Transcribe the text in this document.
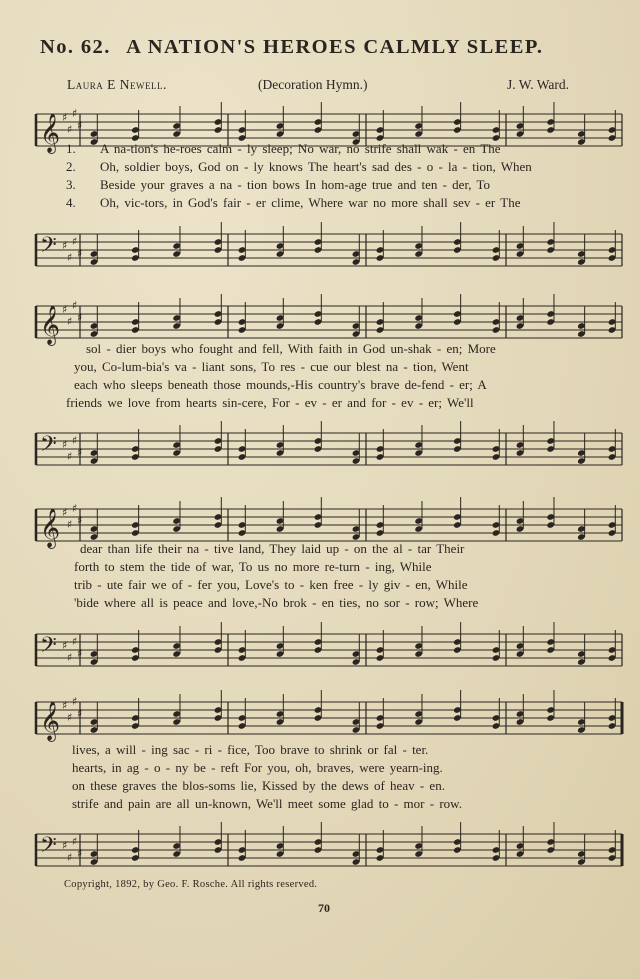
No. 62. A NATION'S HEROES CALMLY SLEEP.
Laura E Newell.	(Decoration Hymn.)	J. W. Ward.
𝄞 ♯
♯
♯
♯
𝄢 ♯
♯
♯
♯
𝄞 ♯
♯
♯
♯
𝄢 ♯
♯
♯
♯
𝄞 ♯
♯
♯
♯
𝄢 ♯
♯
♯
♯
𝄞 ♯
♯
♯
♯
𝄢 ♯
♯
♯
♯
1.
2.
3.
4.
A na-tion's he-roes calm - ly sleep; No war, no strife shall wak - en The
Oh, soldier boys, God on - ly knows The heart's sad des - o - la - tion, When
Beside your graves a na - tion bows In hom-age true and ten - der, To
Oh, vic-tors, in God's fair - er clime, Where war no more shall sev - er The
sol - dier boys who fought and fell, With faith in God un-shak - en; More
you, Co-lum-bia's va - liant sons, To res - cue our blest na - tion, Went
each who sleeps beneath those mounds,-His country's brave de-fend - er; A
friends we love from hearts sin-cere, For - ev - er and for - ev - er; We'll
dear than life their na - tive land, They laid up - on the al - tar Their
forth to stem the tide of war, To us no more re-turn - ing, While
trib - ute fair we of - fer you, Love's to - ken free - ly giv - en, While
'bide where all is peace and love,-No brok - en ties, no sor - row; Where
lives, a will - ing sac - ri - fice, Too brave to shrink or fal - ter.
hearts, in ag - o - ny be - reft For you, oh, braves, were yearn-ing.
on these graves the blos-soms lie, Kissed by the dews of heav - en.
strife and pain are all un-known, We'll meet some glad to - mor - row.
Copyright, 1892, by Geo. F. Rosche. All rights reserved.
70
